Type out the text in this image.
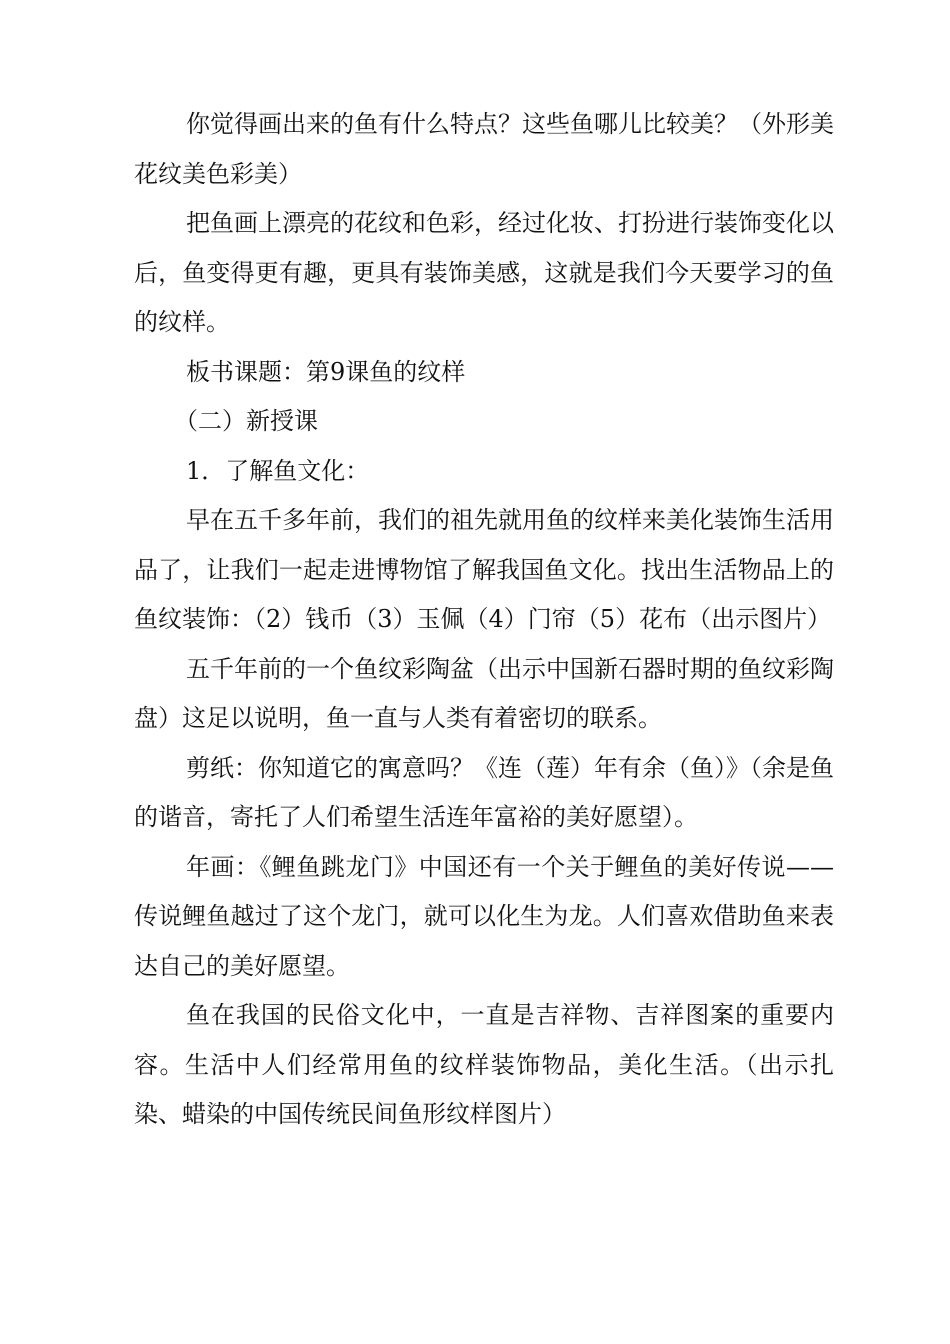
你觉得画出来的鱼有什么特点？这些鱼哪儿比较美？（外形美花纹美色彩美）

把鱼画上漂亮的花纹和色彩，经过化妆、打扮进行装饰变化以后，鱼变得更有趣，更具有装饰美感，这就是我们今天要学习的鱼的纹样。

板书课题：第9课鱼的纹样

（二）新授课

1．了解鱼文化：

早在五千多年前，我们的祖先就用鱼的纹样来美化装饰生活用品了，让我们一起走进博物馆了解我国鱼文化。找出生活物品上的鱼纹装饰：（2）钱币（3）玉佩（4）门帘（5）花布（出示图片）

五千年前的一个鱼纹彩陶盆（出示中国新石器时期的鱼纹彩陶盘）这足以说明，鱼一直与人类有着密切的联系。

剪纸：你知道它的寓意吗？《连（莲）年有余（鱼）》（余是鱼的谐音，寄托了人们希望生活连年富裕的美好愿望）。

年画：《鲤鱼跳龙门》中国还有一个关于鲤鱼的美好传说——传说鲤鱼越过了这个龙门，就可以化生为龙。人们喜欢借助鱼来表达自己的美好愿望。

鱼在我国的民俗文化中，一直是吉祥物、吉祥图案的重要内容。生活中人们经常用鱼的纹样装饰物品，美化生活。（出示扎染、蜡染的中国传统民间鱼形纹样图片）
